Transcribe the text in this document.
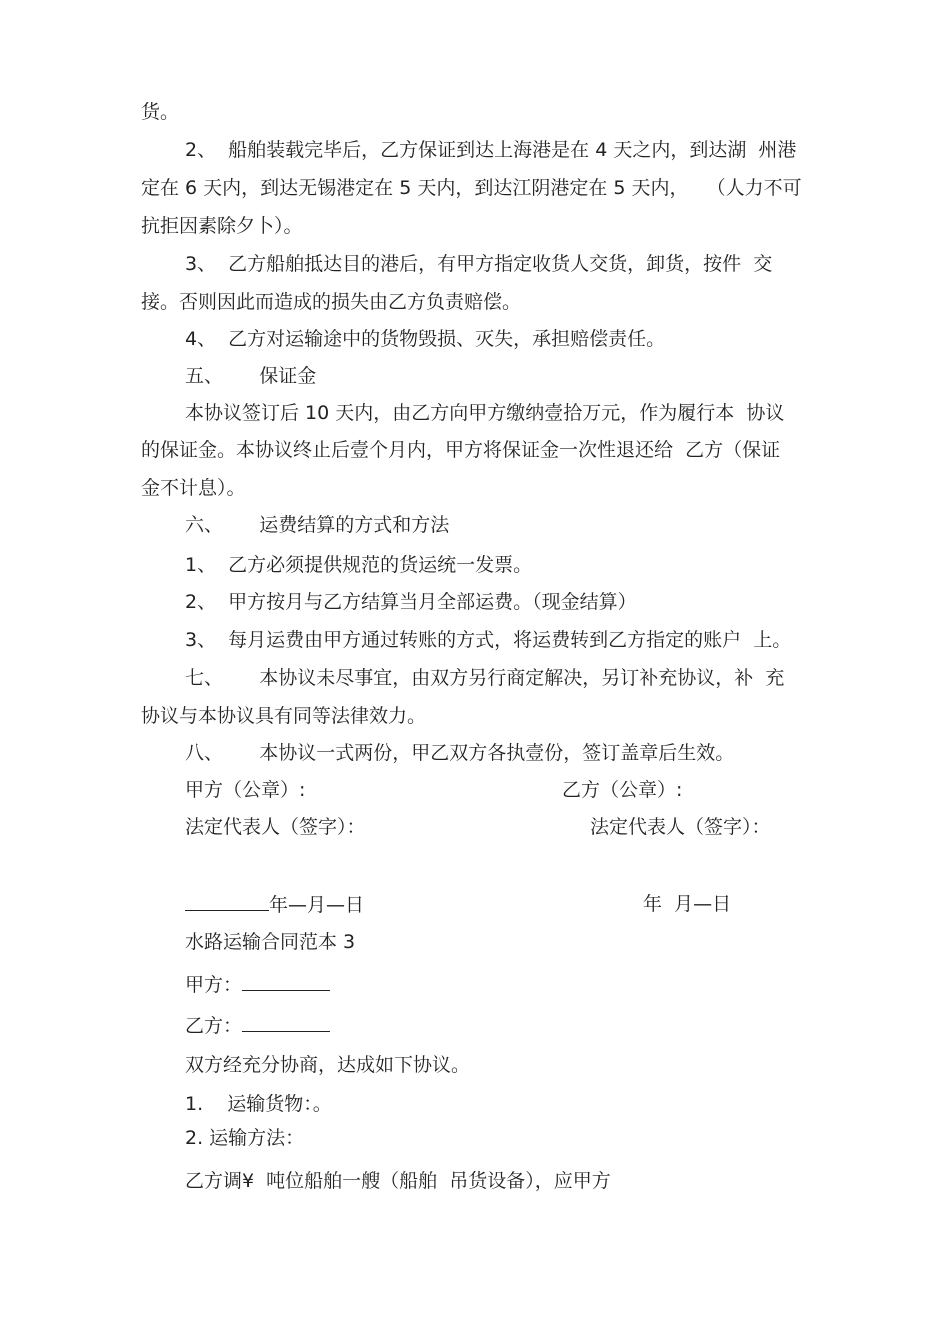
货。
2、  船舶装载完毕后，乙方保证到达上海港是在 4 天之内，到达湖  州港
定在 6 天内，到达无锡港定在 5 天内，到达江阴港定在 5 天内，   （人力不可
抗拒因素除夕卜）。
3、  乙方船舶抵达目的港后，有甲方指定收货人交货，卸货，按件  交
接。否则因此而造成的损失由乙方负责赔偿。
4、  乙方对运输途中的货物毁损、灭失，承担赔偿责任。
五、      保证金
本协议签订后 10 天内，由乙方向甲方缴纳壹拾万元，作为履行本  协议
的保证金。本协议终止后壹个月内，甲方将保证金一次性退还给  乙方（保证
金不计息）。
六、      运费结算的方式和方法
1、  乙方必须提供规范的货运统一发票。
2、  甲方按月与乙方结算当月全部运费。（现金结算）
3、  每月运费由甲方通过转账的方式，将运费转到乙方指定的账户  上。
七、      本协议未尽事宜，由双方另行商定解决，另订补充协议，补  充
协议与本协议具有同等法律效力。
八、      本协议一式两份，甲乙双方各执壹份，签订盖章后生效。
甲方（公章）:	乙方（公章）:
法定代表人（签字）：	法定代表人（签字）：
年—月—日	年  月—日
水路运输合同范本 3
甲方：
乙方：
双方经充分协商，达成如下协议。
1.    运输货物：。
2. 运输方法：
乙方调¥  吨位船舶一艘（船舶  吊货设备），应甲方
